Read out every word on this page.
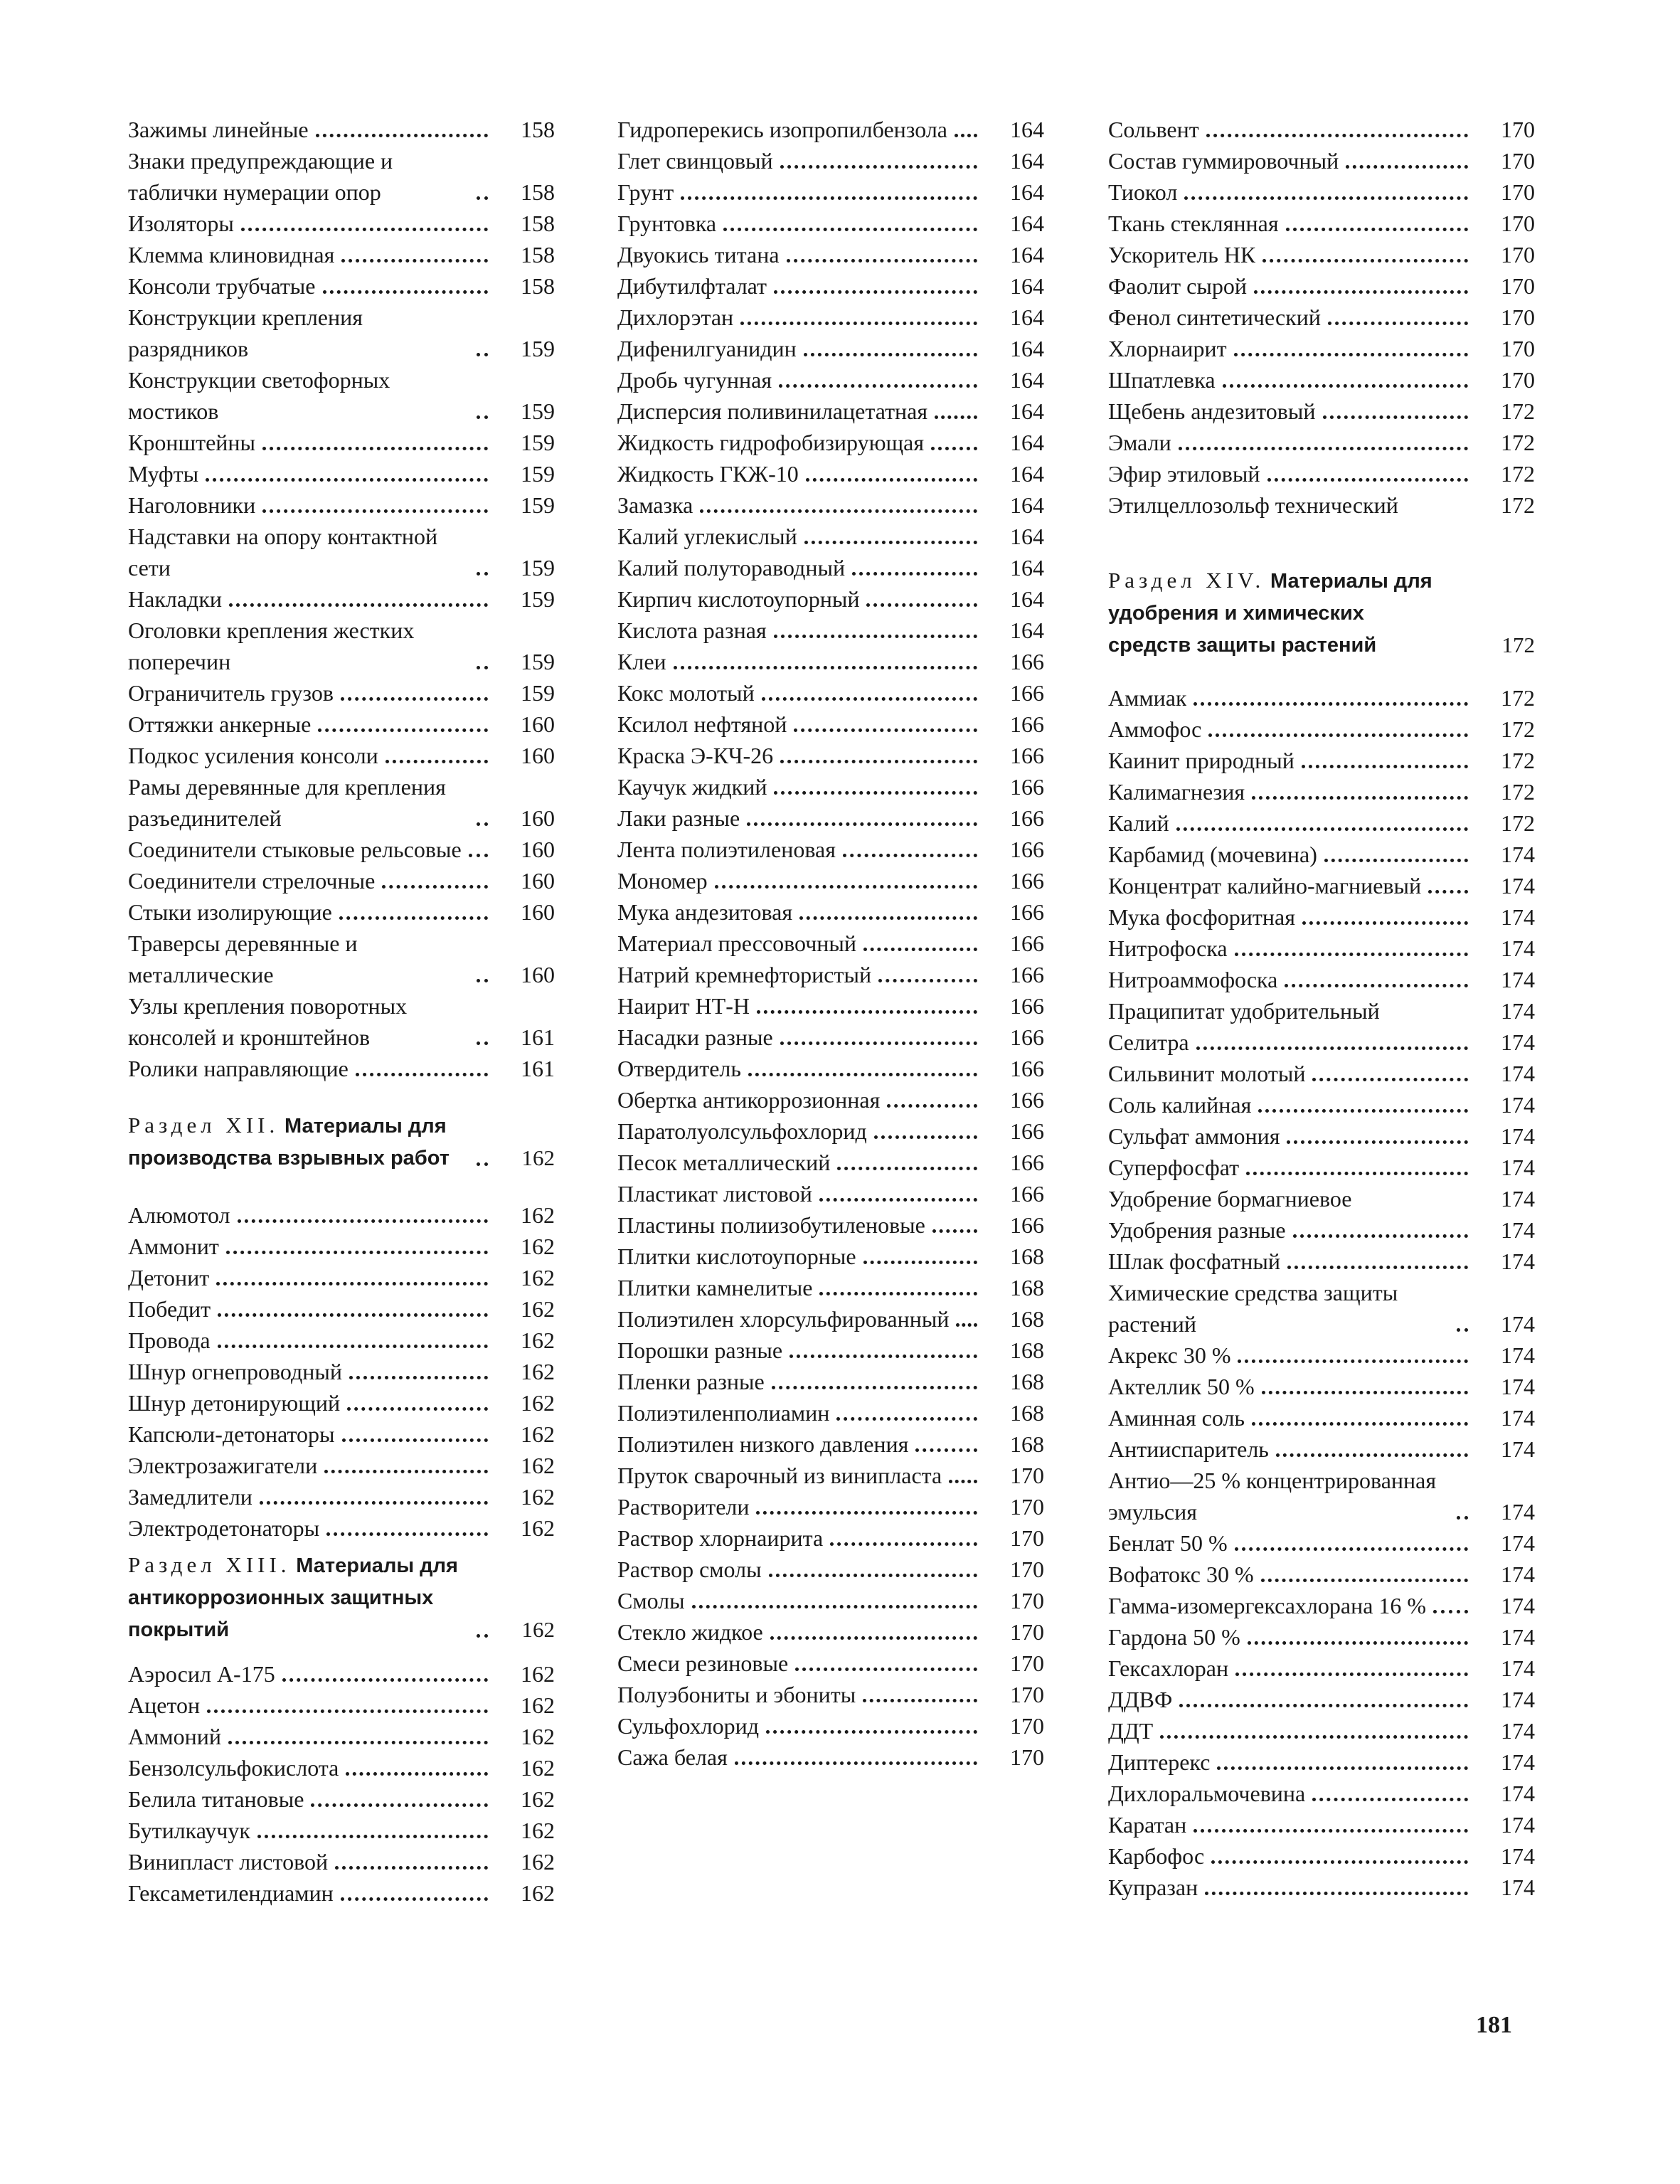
Зажимы линейные	158
Знаки предупреждающие и таблички нумерации опор	158
Изоляторы	158
Клемма клиновидная	158
Консоли трубчатые	158
Конструкции крепления разрядников	159
Конструкции светофорных мостиков	159
Кронштейны	159
Муфты	159
Наголовники	159
Надставки на опору контактной сети	159
Накладки	159
Оголовки крепления жестких поперечин	159
Ограничитель грузов	159
Оттяжки анкерные	160
Подкос усиления консоли	160
Рамы деревянные для крепления разъединителей	160
Соединители стыковые рельсовые	160
Соединители стрелочные	160
Стыки изолирующие	160
Траверсы деревянные и металлические	160
Узлы крепления поворотных консолей и кронштейнов	161
Ролики направляющие	161
Раздел XII. Материалы для производства взрывных работ	162
Алюмотол	162
Аммонит	162
Детонит	162
Победит	162
Провода	162
Шнур огнепроводный	162
Шнур детонирующий	162
Капсюли-детонаторы	162
Электрозажигатели	162
Замедлители	162
Электродетонаторы	162
Раздел XIII. Материалы для антикоррозионных защитных покрытий	162
Аэросил А-175	162
Ацетон	162
Аммоний	162
Бензолсульфокислота	162
Белила титановые	162
Бутилкаучук	162
Винипласт листовой	162
Гексаметилендиамин	162
Гидроперекись изопропилбензола	164
Глет свинцовый	164
Грунт	164
Грунтовка	164
Двуокись титана	164
Дибутилфталат	164
Дихлорэтан	164
Дифенилгуанидин	164
Дробь чугунная	164
Дисперсия поливинилацетатная	164
Жидкость гидрофобизирующая	164
Жидкость ГКЖ-10	164
Замазка	164
Калий углекислый	164
Калий полутораводный	164
Кирпич кислотоупорный	164
Кислота разная	164
Клеи	166
Кокс молотый	166
Ксилол нефтяной	166
Краска Э-КЧ-26	166
Каучук жидкий	166
Лаки разные	166
Лента полиэтиленовая	166
Мономер	166
Мука андезитовая	166
Материал прессовочный	166
Натрий кремнефтористый	166
Наирит НТ-Н	166
Насадки разные	166
Отвердитель	166
Обертка антикоррозионная	166
Паратолуолсульфохлорид	166
Песок металлический	166
Пластикат листовой	166
Пластины полиизобутиленовые	166
Плитки кислотоупорные	168
Плитки камнелитые	168
Полиэтилен хлорсульфированный	168
Порошки разные	168
Пленки разные	168
Полиэтиленполиамин	168
Полиэтилен низкого давления	168
Пруток сварочный из винипласта	170
Растворители	170
Раствор хлорнаирита	170
Раствор смолы	170
Смолы	170
Стекло жидкое	170
Смеси резиновые	170
Полуэбониты и эбониты	170
Сульфохлорид	170
Сажа белая	170
Сольвент	170
Состав гуммировочный	170
Тиокол	170
Ткань стеклянная	170
Ускоритель НК	170
Фаолит сырой	170
Фенол синтетический	170
Хлорнаирит	170
Шпатлевка	170
Щебень андезитовый	172
Эмали	172
Эфир этиловый	172
Этилцеллозольф технический	172
Раздел XIV. Материалы для удобрения и химических средств защиты растений	172
Аммиак	172
Аммофос	172
Каинит природный	172
Калимагнезия	172
Калий	172
Карбамид (мочевина)	174
Концентрат калийно-магниевый	174
Мука фосфоритная	174
Нитрофоска	174
Нитроаммофоска	174
Праципитат удобрительный	174
Селитра	174
Сильвинит молотый	174
Соль калийная	174
Сульфат аммония	174
Суперфосфат	174
Удобрение бормагниевое	174
Удобрения разные	174
Шлак фосфатный	174
Химические средства защиты растений	174
Акрекс 30 %	174
Актеллик 50 %	174
Аминная соль	174
Антииспаритель	174
Антио—25 % концентрированная эмульсия	174
Бенлат 50 %	174
Вофатокс 30 %	174
Гамма-изомергексахлорана 16 %	174
Гардона 50 %	174
Гексахлоран	174
ДДВФ	174
ДДТ	174
Диптерекс	174
Дихлоральмочевина	174
Каратан	174
Карбофос	174
Купразан	174
181
